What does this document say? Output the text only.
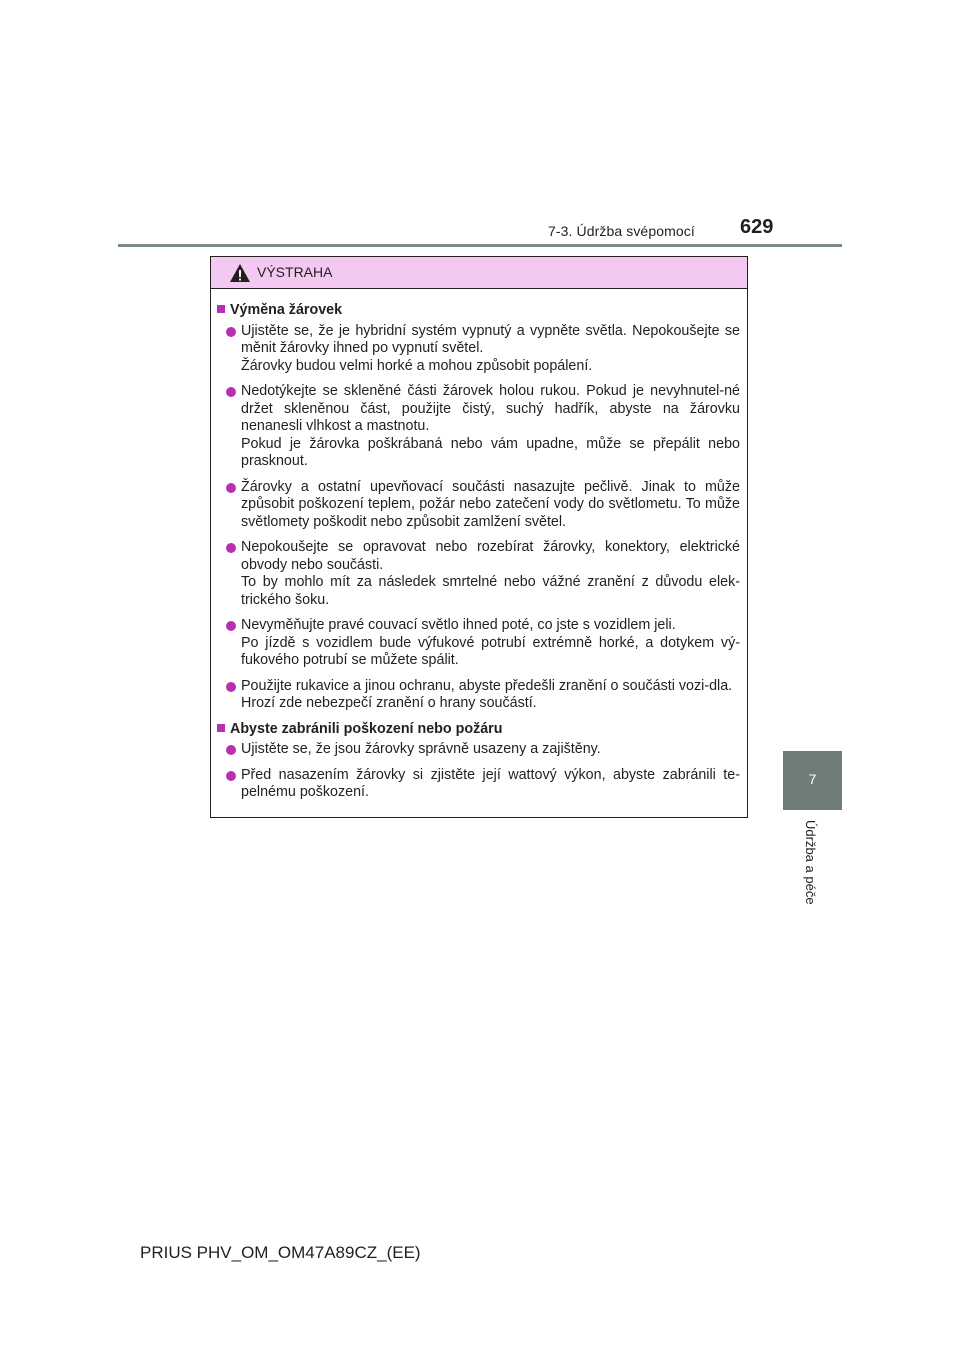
7-3. Údržba svépomocí 629
7
Údržba a péče
VÝSTRAHA
Výměna žárovek
Ujistěte se, že je hybridní systém vypnutý a vypněte světla. Nepokoušejte se měnit žárovky ihned po vypnutí světel.
Žárovky budou velmi horké a mohou způsobit popálení.
Nedotýkejte se skleněné části žárovek holou rukou. Pokud je nevyhnutel-né držet skleněnou část, použijte čistý, suchý hadřík, abyste na žárovku nenanesli vlhkost a mastnotu.
Pokud je žárovka poškrábaná nebo vám upadne, může se přepálit nebo prasknout.
Žárovky a ostatní upevňovací součásti nasazujte pečlivě. Jinak to může způsobit poškození teplem, požár nebo zatečení vody do světlometu. To může světlomety poškodit nebo způsobit zamlžení světel.
Nepokoušejte se opravovat nebo rozebírat žárovky, konektory, elektrické obvody nebo součásti.
To by mohlo mít za následek smrtelné nebo vážné zranění z důvodu elek-trického šoku.
Nevyměňujte pravé couvací světlo ihned poté, co jste s vozidlem jeli.
Po jízdě s vozidlem bude výfukové potrubí extrémně horké, a dotykem vý-fukového potrubí se můžete spálit.
Použijte rukavice a jinou ochranu, abyste předešli zranění o součásti vozi-dla.
Hrozí zde nebezpečí zranění o hrany součástí.
Abyste zabránili poškození nebo požáru
Ujistěte se, že jsou žárovky správně usazeny a zajištěny.
Před nasazením žárovky si zjistěte její wattový výkon, abyste zabránili te-pelnému poškození.
PRIUS PHV_OM_OM47A89CZ_(EE)
